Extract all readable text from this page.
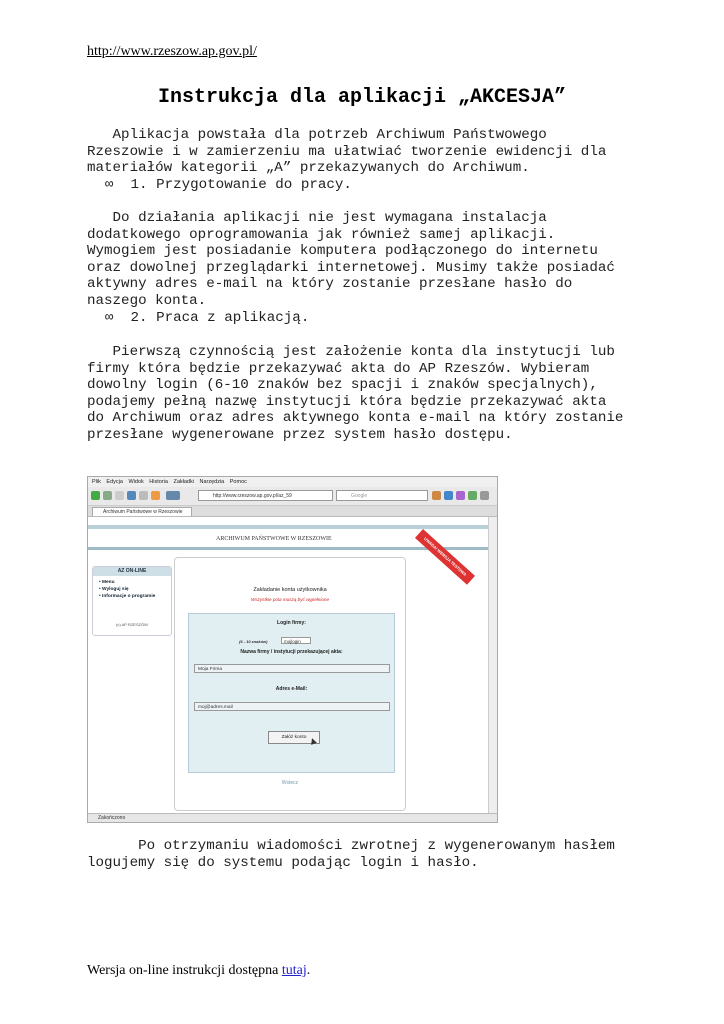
http://www.rzeszow.ap.gov.pl/
Instrukcja dla aplikacji „AKCESJA”

Aplikacja powstała dla potrzeb Archiwum Państwowego
Rzeszowie i w zamierzeniu ma ułatwiać tworzenie ewidencji dla
materiałów kategorii „A” przekazywanych do Archiwum.

∞  1. Przygotowanie do pracy.

Do działania aplikacji nie jest wymagana instalacja
dodatkowego oprogramowania jak również samej aplikacji.
Wymogiem jest posiadanie komputera podłączonego do internetu
oraz dowolnej przeglądarki internetowej. Musimy także posiadać
aktywny adres e-mail na który zostanie przesłane hasło do
naszego konta.

∞  2. Praca z aplikacją.

Pierwszą czynnością jest założenie konta dla instytucji lub
firmy która będzie przekazywać akta do AP Rzeszów. Wybieram
dowolny login (6-10 znaków bez spacji i znaków specjalnych),
podajemy pełną nazwę instytucji która będzie przekazywać akta
do Archiwum oraz adres aktywnego konta e-mail na który zostanie
przesłane wygenerowane przez system hasło dostępu.

Plik Edycja Widok Historia Zakładki Narzędzia Pomoc
http://www.rzeszow.ap.gov.pl/az_59	Google
Archiwum Państwowe w Rzeszowie
ARCHIWUM PAŃSTWOWE W RZESZOWIE	UWAGA! WERSJA TESTOWA
AZ ON-LINE
• Menu
• Wyloguj się
• Informacje o programie
(c) AP RZESZÓW
Zakładanie konta użytkownika
Wszystkie pola muszą być wypełnione
Login firmy:
(6 - 10 znaków)	mojlogin
Nazwa firmy / instytucji przekazującej akta:
Moja Firma
Adres e-Mail:
moj@adres.mail
Załóż konto
Wstecz
Zakończono

Po otrzymaniu wiadomości zwrotnej z wygenerowanym hasłem
logujemy się do systemu podając login i hasło.

Wersja on-line instrukcji dostępna tutaj.
